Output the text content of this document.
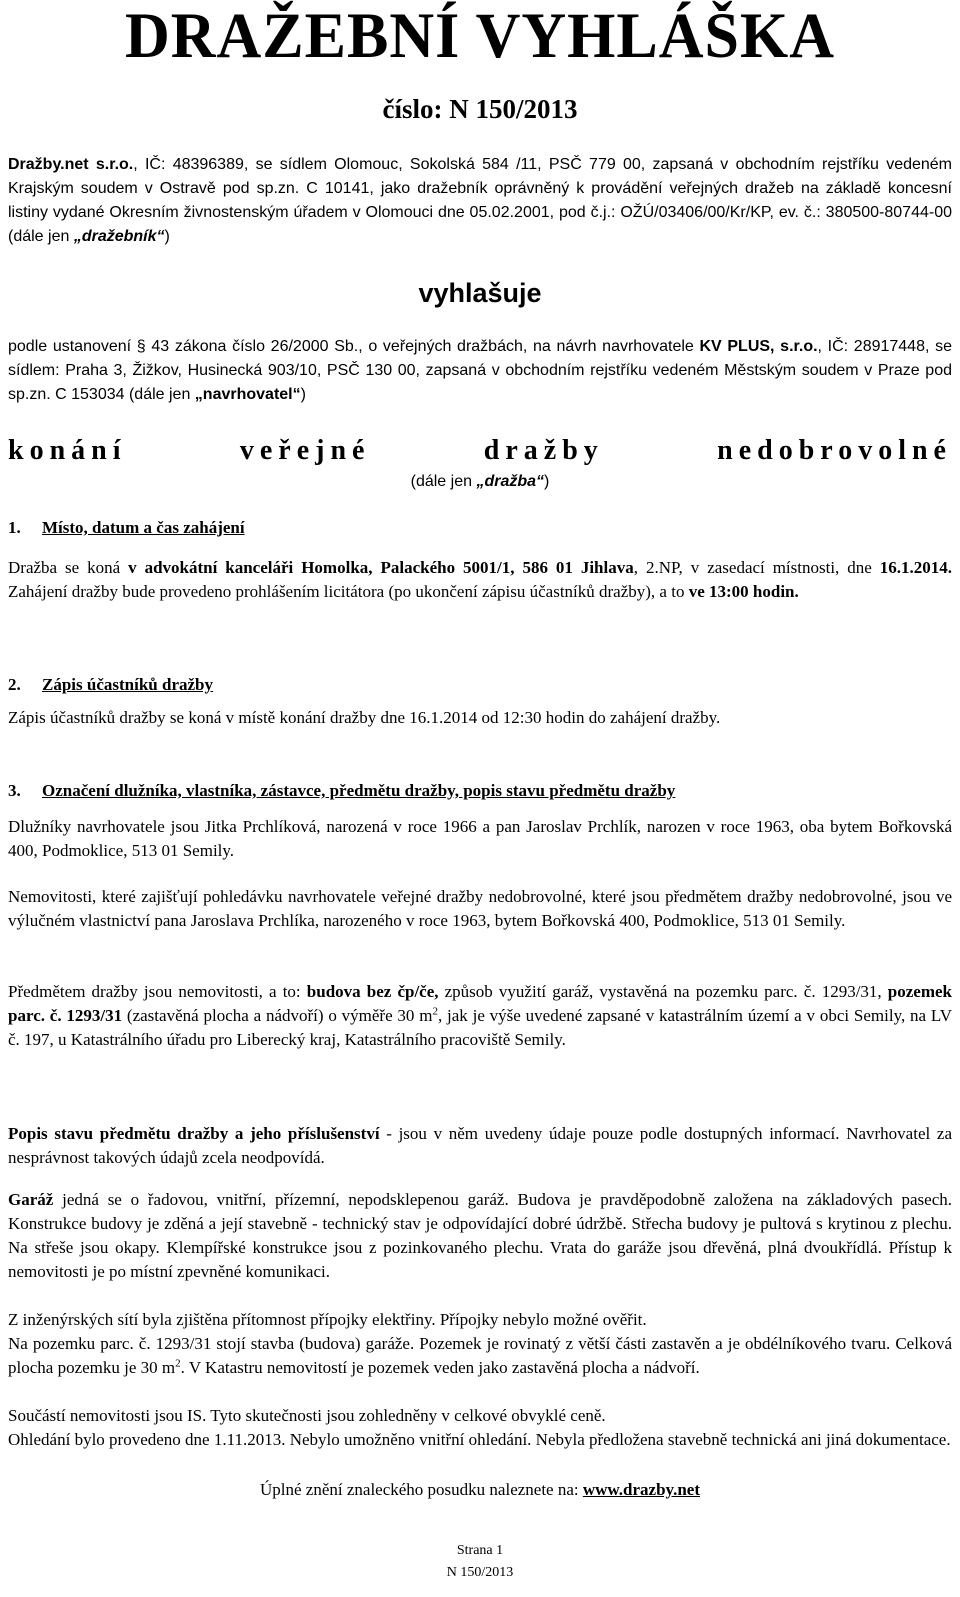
DRAŽEBNÍ VYHLÁŠKA
číslo: N 150/2013
Dražby.net s.r.o., IČ: 48396389, se sídlem Olomouc, Sokolská 584 /11, PSČ 779 00, zapsaná v obchodním rejstříku vedeném Krajským soudem v Ostravě pod sp.zn. C 10141, jako dražebník oprávněný k provádění veřejných dražeb na základě koncesní listiny vydané Okresním živnostenským úřadem v Olomouci dne 05.02.2001, pod č.j.: OŽÚ/03406/00/Kr/KP, ev. č.: 380500-80744-00 (dále jen „dražebník“)
vyhlašuje
podle ustanovení § 43 zákona číslo 26/2000 Sb., o veřejných dražbách, na návrh navrhovatele KV PLUS, s.r.o., IČ: 28917448, se sídlem: Praha 3, Žižkov, Husinecká 903/10, PSČ 130 00, zapsaná v obchodním rejstříku vedeném Městským soudem v Praze pod sp.zn. C 153034 (dále jen „navrhovatel“)
konání	veřejné	dražby	nedobrovolné
(dále jen „dražba“)
1. Místo, datum a čas zahájení
Dražba se koná v advokátní kanceláři Homolka, Palackého 5001/1, 586 01 Jihlava, 2.NP, v zasedací místnosti, dne 16.1.2014. Zahájení dražby bude provedeno prohlášením licitátora (po ukončení zápisu účastníků dražby), a to ve 13:00 hodin.
2. Zápis účastníků dražby
Zápis účastníků dražby se koná v místě konání dražby dne 16.1.2014 od 12:30 hodin do zahájení dražby.
3. Označení dlužníka, vlastníka, zástavce, předmětu dražby, popis stavu předmětu dražby
Dlužníky navrhovatele jsou Jitka Prchlíková, narozená v roce 1966 a pan Jaroslav Prchlík, narozen v roce 1963, oba bytem Bořkovská 400, Podmoklice, 513 01 Semily.
Nemovitosti, které zajišťují pohledávku navrhovatele veřejné dražby nedobrovolné, které jsou předmětem dražby nedobrovolné, jsou ve výlučném vlastnictví pana Jaroslava Prchlíka, narozeného v roce 1963, bytem Bořkovská 400, Podmoklice, 513 01 Semily.
Předmětem dražby jsou nemovitosti, a to: budova bez čp/če, způsob využití garáž, vystavěná na pozemku parc. č. 1293/31, pozemek parc. č. 1293/31 (zastavěná plocha a nádvoří) o výměře 30 $m^2$, jak je výše uvedené zapsané v katastrálním území a v obci Semily, na LV č. 197, u Katastrálního úřadu pro Liberecký kraj, Katastrálního pracoviště Semily.
Popis stavu předmětu dražby a jeho příslušenství - jsou v něm uvedeny údaje pouze podle dostupných informací. Navrhovatel za nesprávnost takových údajů zcela neodpovídá.
Garáž jedná se o řadovou, vnitřní, přízemní, nepodsklepenou garáž. Budova je pravděpodobně založena na základových pasech. Konstrukce budovy je zděná a její stavebně - technický stav je odpovídající dobré údržbě. Střecha budovy je pultová s krytinou z plechu. Na střeše jsou okapy. Klempířské konstrukce jsou z pozinkovaného plechu. Vrata do garáže jsou dřevěná, plná dvoukřídlá. Přístup k nemovitosti je po místní zpevněné komunikaci.
Z inženýrských sítí byla zjištěna přítomnost přípojky elektřiny. Přípojky nebylo možné ověřit.
Na pozemku parc. č. 1293/31 stojí stavba (budova) garáže. Pozemek je rovinatý z větší části zastavěn a je obdélníkového tvaru. Celková plocha pozemku je 30 $m^2$. V Katastru nemovitostí je pozemek veden jako zastavěná plocha a nádvoří.
Součástí nemovitosti jsou IS. Tyto skutečnosti jsou zohledněny v celkové obvyklé ceně.
Ohledání bylo provedeno dne 1.11.2013. Nebylo umožněno vnitřní ohledání. Nebyla předložena stavebně technická ani jiná dokumentace.
Úplné znění znaleckého posudku naleznete na: www.drazby.net
Strana 1
N 150/2013
